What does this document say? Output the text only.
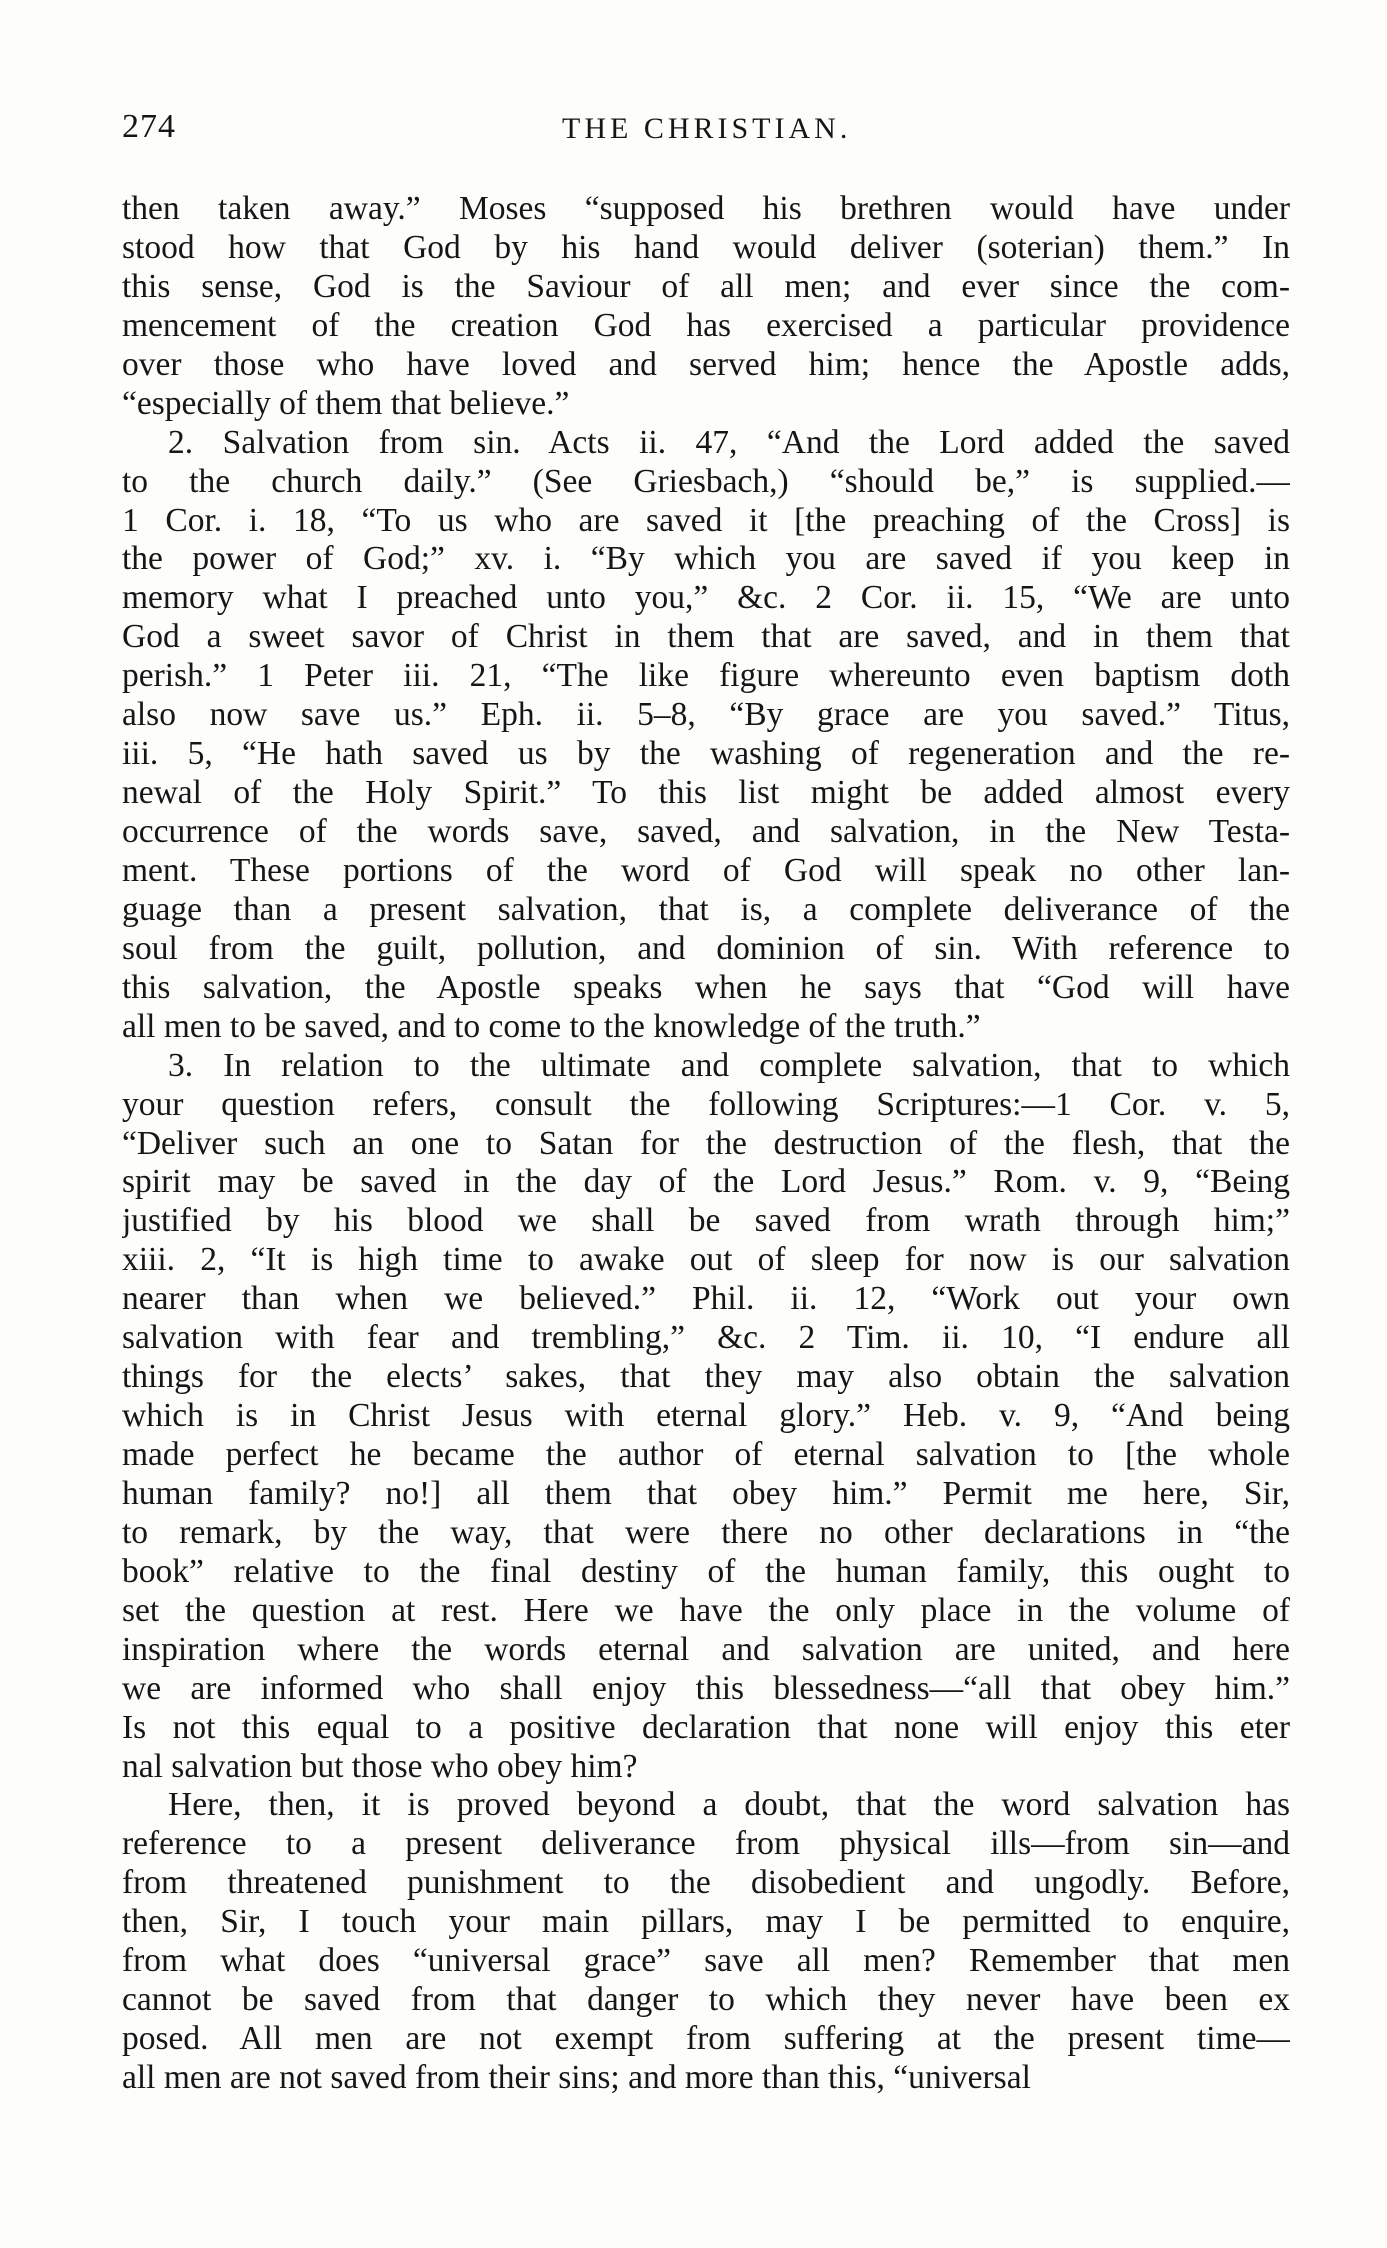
274	THE CHRISTIAN.
then taken away.” Moses “supposed his brethren would have under
stood how that God by his hand would deliver (soterian) them.” In
this sense, God is the Saviour of all men; and ever since the com-
mencement of the creation God has exercised a particular providence
over those who have loved and served him; hence the Apostle adds,
“especially of them that believe.”
2. Salvation from sin. Acts ii. 47, “And the Lord added the saved
to the church daily.” (See Griesbach,) “should be,” is supplied.—
1 Cor. i. 18, “To us who are saved it [the preaching of the Cross] is
the power of God;” xv. i. “By which you are saved if you keep in
memory what I preached unto you,” &c. 2 Cor. ii. 15, “We are unto
God a sweet savor of Christ in them that are saved, and in them that
perish.” 1 Peter iii. 21, “The like figure whereunto even baptism doth
also now save us.” Eph. ii. 5–8, “By grace are you saved.” Titus,
iii. 5, “He hath saved us by the washing of regeneration and the re-
newal of the Holy Spirit.” To this list might be added almost every
occurrence of the words save, saved, and salvation, in the New Testa-
ment. These portions of the word of God will speak no other lan-
guage than a present salvation, that is, a complete deliverance of the
soul from the guilt, pollution, and dominion of sin. With reference to
this salvation, the Apostle speaks when he says that “God will have
all men to be saved, and to come to the knowledge of the truth.”
3. In relation to the ultimate and complete salvation, that to which
your question refers, consult the following Scriptures:—1 Cor. v. 5,
“Deliver such an one to Satan for the destruction of the flesh, that the
spirit may be saved in the day of the Lord Jesus.” Rom. v. 9, “Being
justified by his blood we shall be saved from wrath through him;”
xiii. 2, “It is high time to awake out of sleep for now is our salvation
nearer than when we believed.” Phil. ii. 12, “Work out your own
salvation with fear and trembling,” &c. 2 Tim. ii. 10, “I endure all
things for the elects’ sakes, that they may also obtain the salvation
which is in Christ Jesus with eternal glory.” Heb. v. 9, “And being
made perfect he became the author of eternal salvation to [the whole
human family? no!] all them that obey him.” Permit me here, Sir,
to remark, by the way, that were there no other declarations in “the
book” relative to the final destiny of the human family, this ought to
set the question at rest. Here we have the only place in the volume of
inspiration where the words eternal and salvation are united, and here
we are informed who shall enjoy this blessedness—“all that obey him.”
Is not this equal to a positive declaration that none will enjoy this eter
nal salvation but those who obey him?
Here, then, it is proved beyond a doubt, that the word salvation has
reference to a present deliverance from physical ills—from sin—and
from threatened punishment to the disobedient and ungodly. Before,
then, Sir, I touch your main pillars, may I be permitted to enquire,
from what does “universal grace” save all men? Remember that men
cannot be saved from that danger to which they never have been ex
posed. All men are not exempt from suffering at the present time—
all men are not saved from their sins; and more than this, “universal
